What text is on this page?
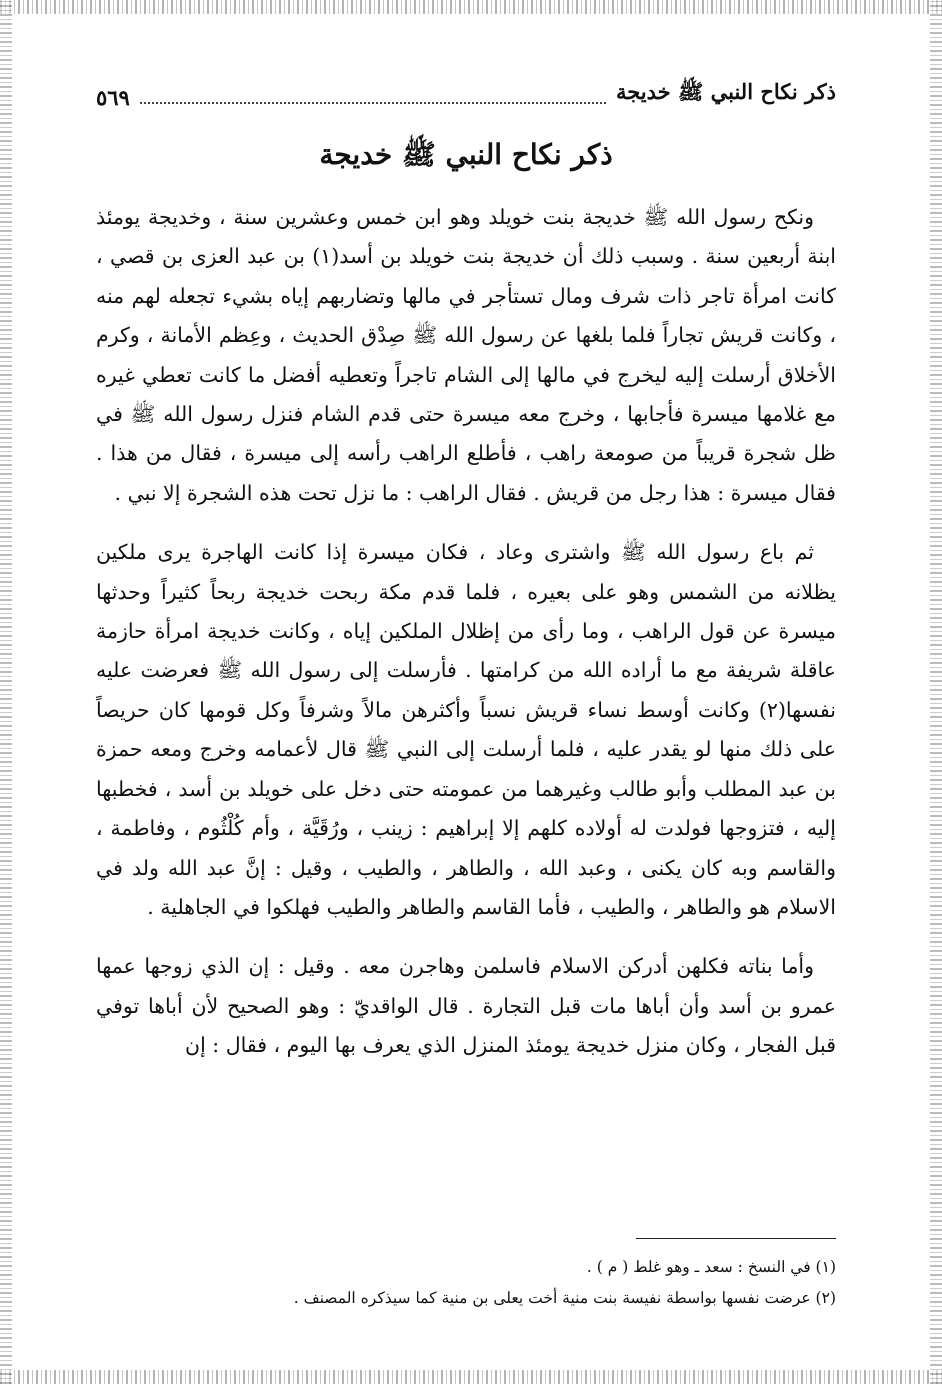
ذكر نكاح النبي ﷺ خديجة
٥٦٩
ذكر نكاح النبي ﷺ خديجة

ونكح رسول الله ﷺ خديجة بنت خويلد وهو ابن خمس وعشرين سنة ، وخديجة يومئذ ابنة أربعين سنة . وسبب ذلك أن خديجة بنت خويلد بن أسد(١) بن عبد العزى بن قصي ، كانت امرأة تاجر ذات شرف ومال تستأجر في مالها وتضاربهم إياه بشيء تجعله لهم منه ، وكانت قريش تجاراً فلما بلغها عن رسول الله ﷺ صِدْق الحديث ، وعِظم الأمانة ، وكرم الأخلاق أرسلت إليه ليخرج في مالها إلى الشام تاجراً وتعطيه أفضل ما كانت تعطي غيره مع غلامها ميسرة فأجابها ، وخرج معه ميسرة حتى قدم الشام فنزل رسول الله ﷺ في ظل شجرة قريباً من صومعة راهب ، فأطلع الراهب رأسه إلى ميسرة ، فقال من هذا . فقال ميسرة : هذا رجل من قريش . فقال الراهب : ما نزل تحت هذه الشجرة إلا نبي .

ثم باع رسول الله ﷺ واشترى وعاد ، فكان ميسرة إذا كانت الهاجرة يرى ملكين يظلانه من الشمس وهو على بعيره ، فلما قدم مكة ربحت خديجة ربحاً كثيراً وحدثها ميسرة عن قول الراهب ، وما رأى من إظلال الملكين إياه ، وكانت خديجة امرأة حازمة عاقلة شريفة مع ما أراده الله من كرامتها . فأرسلت إلى رسول الله ﷺ فعرضت عليه نفسها(٢) وكانت أوسط نساء قريش نسباً وأكثرهن مالاً وشرفاً وكل قومها كان حريصاً على ذلك منها لو يقدر عليه ، فلما أرسلت إلى النبي ﷺ قال لأعمامه وخرج ومعه حمزة بن عبد المطلب وأبو طالب وغيرهما من عمومته حتى دخل على خويلد بن أسد ، فخطبها إليه ، فتزوجها فولدت له أولاده كلهم إلا إبراهيم : زينب ، ورُقَيَّة ، وأم كُلْثُوم ، وفاطمة ، والقاسم وبه كان يكنى ، وعبد الله ، والطاهر ، والطيب ، وقيل : إنَّ عبد الله ولد في الاسلام هو والطاهر ، والطيب ، فأما القاسم والطاهر والطيب فهلكوا في الجاهلية .

وأما بناته فكلهن أدركن الاسلام فاسلمن وهاجرن معه . وقيل : إن الذي زوجها عمها عمرو بن أسد وأن أباها مات قبل التجارة . قال الواقديّ : وهو الصحيح لأن أباها توفي قبل الفجار ، وكان منزل خديجة يومئذ المنزل الذي يعرف بها اليوم ، فقال : إن

(١) في النسخ : سعد ـ وهو غلط ( م ) .

(٢) عرضت نفسها بواسطة نفيسة بنت منية أخت يعلى بن منية كما سيذكره المصنف .
